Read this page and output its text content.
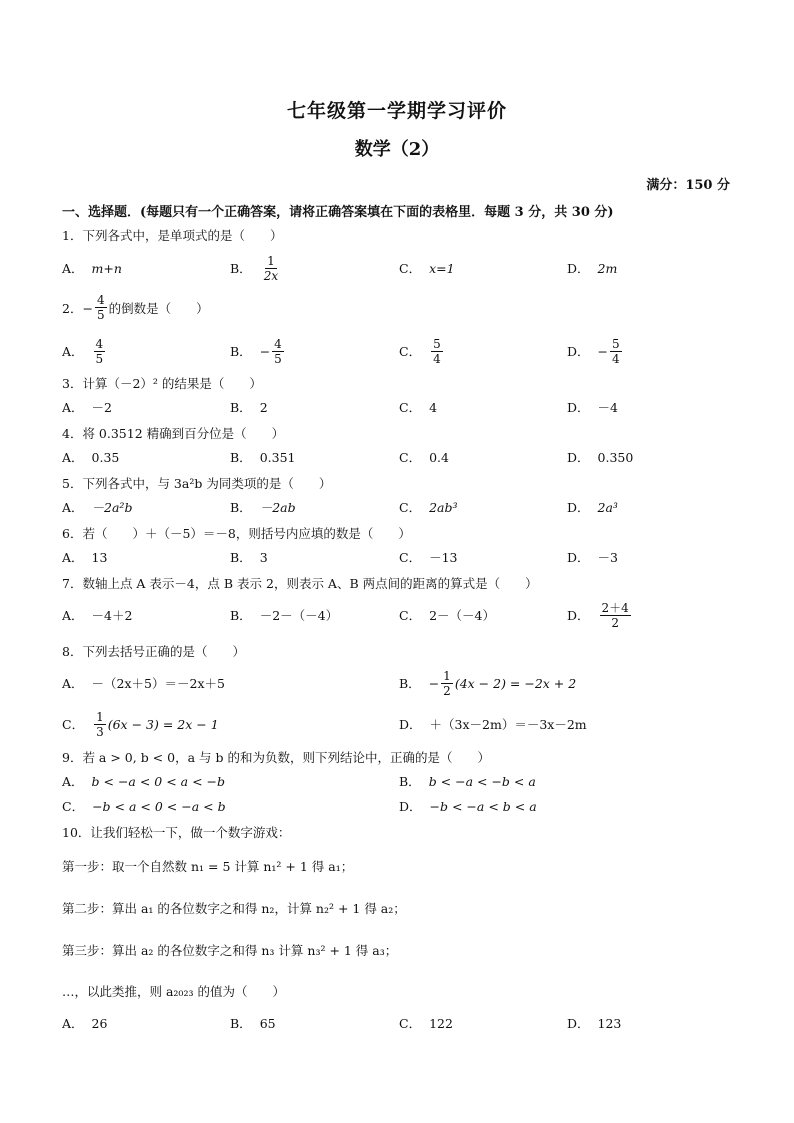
七年级第一学期学习评价
数学（2）
满分：150 分
一、选择题．(每题只有一个正确答案，请将正确答案填在下面的表格里．每题 3 分，共 30 分)
1．下列各式中，是单项式的是（　　）
A． m+n	B． $\frac{1}{2x}$	C． x=1	D． 2m
2．− $\frac{4}{5}$ 的倒数是（　　）
A． $\frac{4}{5}$	B． − $\frac{4}{5}$	C． $\frac{5}{4}$	D． − $\frac{5}{4}$
3．计算（－2）² 的结果是（　　）
A． －2	B． 2	C． 4	D． －4
4．将 0.3512 精确到百分位是（　　）
A． 0.35	B． 0.351	C． 0.4	D． 0.350
5．下列各式中，与 3a²b 为同类项的是（　　）
A． －2a²b	B． －2ab	C． 2ab³	D． 2a³
6．若（　　）＋（－5）＝－8，则括号内应填的数是（　　）
A． 13	B． 3	C． －13	D． －3
7．数轴上点 A 表示－4，点 B 表示 2，则表示 A、B 两点间的距离的算式是（　　）
A． －4＋2	B． －2－（－4）	C． 2－（－4）	D． $\frac{2+4}{2}$
8．下列去括号正确的是（　　）
A． －（2x＋5）＝－2x＋5	B． − $\frac{1}{2} (4x - 2) = -2x + 2$
C． $\frac{1}{3} (6x - 3) = 2x - 1$	D． ＋（3x－2m）＝－3x－2m
9．若 a > 0, b < 0，a 与 b 的和为负数，则下列结论中，正确的是（　　）
A． b < −a < 0 < a < −b	B． b < −a < −b < a
C． −b < a < 0 < −a < b	D． −b < −a < b < a
10．让我们轻松一下，做一个数字游戏：
第一步：取一个自然数 n₁ = 5 计算 n₁² + 1 得 a₁；
第二步：算出 a₁ 的各位数字之和得 n₂，计算 n₂² + 1 得 a₂；
第三步：算出 a₂ 的各位数字之和得 n₃ 计算 n₃² + 1 得 a₃；
…，以此类推，则 a₂₀₂₃ 的值为（　　）
A． 26	B． 65	C． 122	D． 123
